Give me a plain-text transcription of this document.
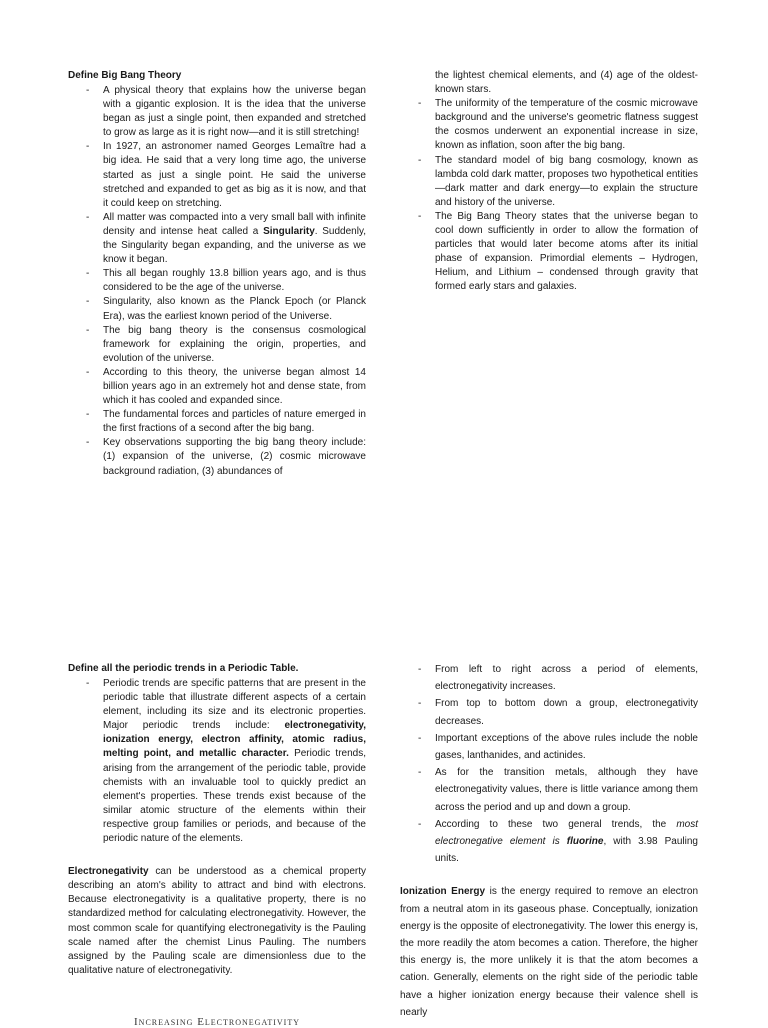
Define Big Bang Theory
- A physical theory that explains how the universe began with a gigantic explosion. It is the idea that the universe began as just a single point, then expanded and stretched to grow as large as it is right now—and it is still stretching!
- In 1927, an astronomer named Georges Lemaître had a big idea. He said that a very long time ago, the universe started as just a single point. He said the universe stretched and expanded to get as big as it is now, and that it could keep on stretching.
- All matter was compacted into a very small ball with infinite density and intense heat called a Singularity. Suddenly, the Singularity began expanding, and the universe as we know it began.
- This all began roughly 13.8 billion years ago, and is thus considered to be the age of the universe.
- Singularity, also known as the Planck Epoch (or Planck Era), was the earliest known period of the Universe.
- The big bang theory is the consensus cosmological framework for explaining the origin, properties, and evolution of the universe.
- According to this theory, the universe began almost 14 billion years ago in an extremely hot and dense state, from which it has cooled and expanded since.
- The fundamental forces and particles of nature emerged in the first fractions of a second after the big bang.
- Key observations supporting the big bang theory include: (1) expansion of the universe, (2) cosmic microwave background radiation, (3) abundances of
the lightest chemical elements, and (4) age of the oldest-known stars.
- The uniformity of the temperature of the cosmic microwave background and the universe's geometric flatness suggest the cosmos underwent an exponential increase in size, known as inflation, soon after the big bang.
- The standard model of big bang cosmology, known as lambda cold dark matter, proposes two hypothetical entities—dark matter and dark energy—to explain the structure and history of the universe.
- The Big Bang Theory states that the universe began to cool down sufficiently in order to allow the formation of particles that would later become atoms after its initial phase of expansion. Primordial elements – Hydrogen, Helium, and Lithium – condensed through gravity that formed early stars and galaxies.
Define all the periodic trends in a Periodic Table.
- Periodic trends are specific patterns that are present in the periodic table that illustrate different aspects of a certain element, including its size and its electronic properties. Major periodic trends include: electronegativity, ionization energy, electron affinity, atomic radius, melting point, and metallic character. Periodic trends, arising from the arrangement of the periodic table, provide chemists with an invaluable tool to quickly predict an element's properties. These trends exist because of the similar atomic structure of the elements within their respective group families or periods, and because of the periodic nature of the elements.

Electronegativity can be understood as a chemical property describing an atom's ability to attract and bind with electrons. Because electronegativity is a qualitative property, there is no standardized method for calculating electronegativity. However, the most common scale for quantifying electronegativity is the Pauling scale named after the chemist Linus Pauling. The numbers assigned by the Pauling scale are dimensionless due to the qualitative nature of electronegativity.

- From left to right across a period of elements, electronegativity increases.
- From top to bottom down a group, electronegativity decreases.
- Important exceptions of the above rules include the noble gases, lanthanides, and actinides.
- As for the transition metals, although they have electronegativity values, there is little variance among them across the period and up and down a group.
- According to these two general trends, the most electronegative element is fluorine, with 3.98 Pauling units.

Ionization Energy is the energy required to remove an electron from a neutral atom in its gaseous phase. Conceptually, ionization energy is the opposite of electronegativity. The lower this energy is, the more readily the atom becomes a cation. Therefore, the higher this energy is, the more unlikely it is that the atom becomes a cation. Generally, elements on the right side of the periodic table have a higher ionization energy because their valence shell is nearly

Increasing Electronegativity
